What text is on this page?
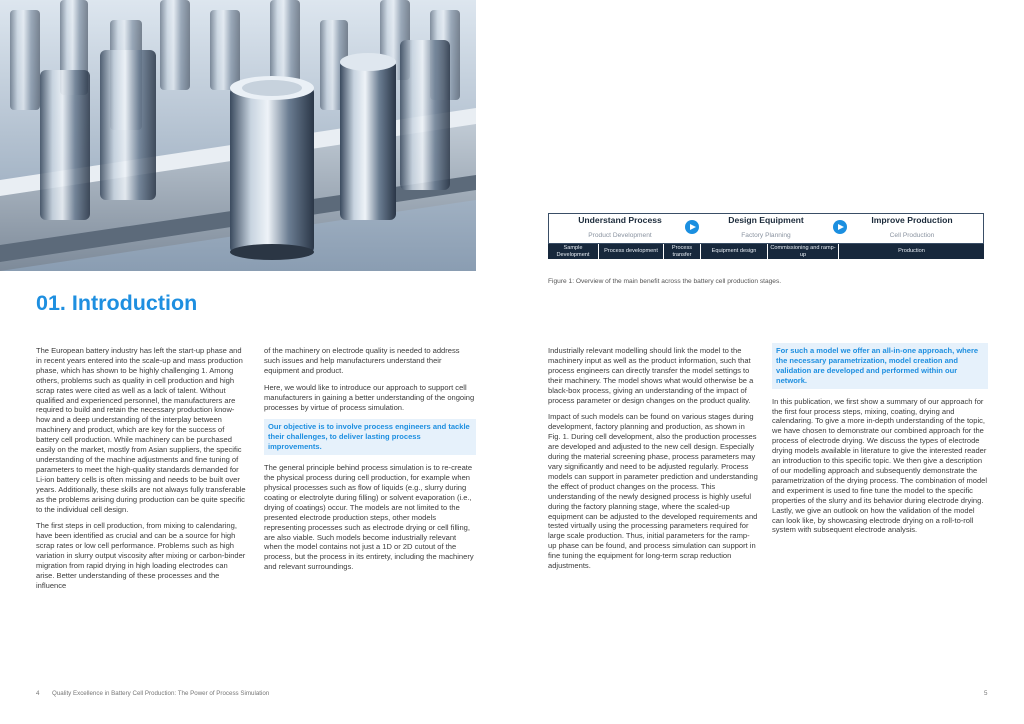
Understand Process	Design Equipment	Improve Production
Product Development	Factory Planning	Cell Production
Sample Development
Process development
Process transfer
Equipment design
Commissioning and ramp-up
Production
Figure 1: Overview of the main benefit across the battery cell production stages.
01. Introduction

The European battery industry has left the start-up phase and in recent years entered into the scale-up and mass production phase, which has shown to be highly challenging 1. Among others, problems such as quality in cell production and high scrap rates were cited as well as a lack of talent. Without qualified and experienced personnel, the manufacturers are required to build and retain the necessary production know-how and a deep understanding of the interplay between machinery and product, which are key for the success of battery cell production. While machinery can be purchased easily on the market, mostly from Asian suppliers, the specific understanding of the machine adjustments and fine tuning of parameters to meet the high-quality standards demanded for Li-ion battery cells is often missing and needs to be built over years. Additionally, these skills are not always fully transferable as the problems arising during production can be quite specific to the individual cell design.

The first steps in cell production, from mixing to calendaring, have been identified as crucial and can be a source for high scrap rates or low cell performance. Problems such as high variation in slurry output viscosity after mixing or carbon-binder migration from rapid drying in high loading electrodes can arise. Better understanding of these processes and the influence

of the machinery on electrode quality is needed to address such issues and help manufacturers understand their equipment and product.

Here, we would like to introduce our approach to support cell manufacturers in gaining a better understanding of the ongoing processes by virtue of process simulation.

Our objective is to involve process engineers and tackle their challenges, to deliver lasting process improvements.

The general principle behind process simulation is to re-create the physical process during cell production, for example when physical processes such as flow of liquids (e.g., slurry during coating or electrolyte during filling) or solvent evaporation (i.e., drying of coatings) occur. The models are not limited to the presented electrode production steps, other models representing processes such as electrode drying or cell filling, are also viable. Such models become industrially relevant when the model contains not just a 1D or 2D cutout of the process, but the process in its entirety, including the machinery and relevant surroundings.

Industrially relevant modelling should link the model to the machinery input as well as the product information, such that process engineers can directly transfer the model settings to their machinery. The model shows what would otherwise be a black-box process, giving an understanding of the impact of process parameter or design changes on the product quality.

Impact of such models can be found on various stages during development, factory planning and production, as shown in Fig. 1. During cell development, also the production processes are developed and adjusted to the new cell design. Especially during the material screening phase, process parameters may vary significantly and need to be adjusted regularly. Process models can support in parameter prediction and understanding the effect of product changes on the process. This understanding of the newly designed process is highly useful during the factory planning stage, where the scaled-up equipment can be adjusted to the developed requirements and tested virtually using the processing parameters required for large scale production. Thus, initial parameters for the ramp-up phase can be found, and process simulation can support in fine tuning the equipment for long-term scrap reduction adjustments.

For such a model we offer an all-in-one approach, where the necessary parametrization, model creation and validation are developed and performed within our network.

In this publication, we first show a summary of our approach for the first four process steps, mixing, coating, drying and calendaring. To give a more in-depth understanding of the topic, we have chosen to demonstrate our combined approach for the process of electrode drying. We discuss the types of electrode drying models available in literature to give the interested reader an introduction to this specific topic. We then give a description of our modelling approach and subsequently demonstrate the parametrization of the drying process. The combination of model and experiment is used to fine tune the model to the specific properties of the slurry and its behavior during electrode drying. Lastly, we give an outlook on how the validation of the model can look like, by showcasing electrode drying on a roll-to-roll system with subsequent electrode analysis.

4 Quality Excellence in Battery Cell Production: The Power of Process Simulation	5
